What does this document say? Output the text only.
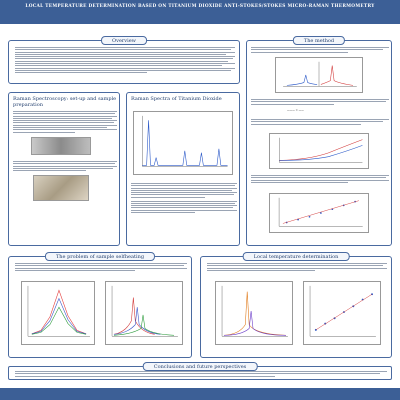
LOCAL TEMPERATURE DETERMINATION BASED ON TITANIUM DIOXIDE ANTI-STOKES/STOKES MICRO-RAMAN THERMOMETRY
Overview	The method
——— = ——
Raman Spectroscopy: set-up and sample preparation
Raman Spectra of Titanium Dioxide
The problem of sample selfheating	Local temperature determination
Conclusions and future perspectives
